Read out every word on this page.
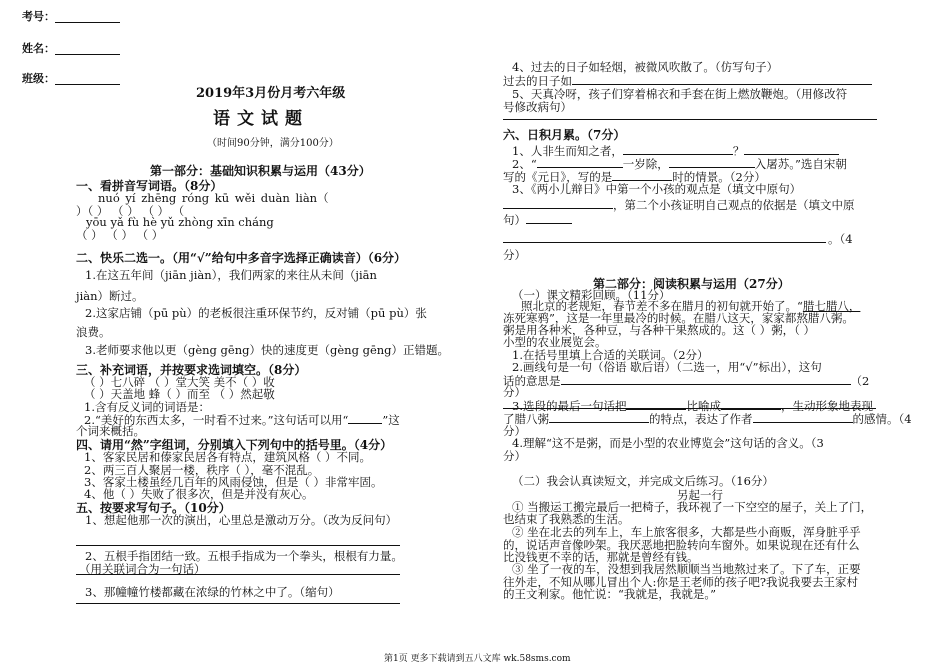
考号：
姓名：
班级：
2019年3月份月考六年级
语文试题
（时间90分钟，满分100分）
第一部分：基础知识积累与运用（43分）
一、看拼音写词语。（8分）
nuó yí zhēng róng kū wěi duàn liàn（
）（ ） （ ） （ ） （
yōu yǎ fù hè yǔ zhòng xīn cháng
（ ） （ ） （ ）
二、快乐二选一。（用“√”给句中多音字选择正确读音）（6分）
1.在这五年间（jiān jiàn），我们两家的来往从未间（jiān
jiàn）断过。
2.这家店铺（pū pù）的老板很注重环保节约，反对铺（pū pù）张
浪费。
3.老师要求他以更（gèng gēng）快的速度更（gèng gēng）正错题。
三、补充词语，并按要求选词填空。（8分）
（ ）七八碎 （ ）堂大笑 美不（ ）收
（ ）天盖地 蜂（ ）而至 （ ）然起敬
1.含有反义词的词语是：
2.“美好的东西太多，一时看不过来。”这句话可以用“	”这
个词来概括。
四、请用“然”字组词，分别填入下列句中的括号里。（4分）
1、客家民居和傣家民居各有特点，建筑风格（ ）不同。
2、两三百人聚居一楼，秩序（ ），毫不混乱。
3、客家土楼虽经几百年的风雨侵蚀，但是（ ）非常牢固。
4、他（ ）失败了很多次，但是并没有灰心。
五、按要求写句子。（10分）
1、想起他那一次的演出，心里总是激动万分。（改为反问句）
2、五根手指团结一致。五根手指成为一个拳头，根根有力量。
（用关联词合为一句话）
3、那幢幢竹楼都藏在浓绿的竹林之中了。（缩句）
4、过去的日子如轻烟，被微风吹散了。（仿写句子）
过去的日子如
5、天真冷呀，孩子们穿着棉衣和手套在街上燃放鞭炮。（用修改符
号修改病句）
六、日积月累。（7分）
1、人非生而知之者，	？
2、“	一岁除，	入屠苏。”选自宋朝
写的《元日》，写的是	时的情景。（2分）
3、《两小儿辩日》中第一个小孩的观点是（填文中原句）
，第二个小孩证明自己观点的依据是（填文中原
句）
。（4
分）
第二部分：阅读积累与运用（27分）
（一）课文精彩回顾。（11分）
照北京的老规矩，春节差不多在腊月的初旬就开始了。“腊七腊八，
冻死寒鸦”，这是一年里最冷的时候。在腊八这天，家家都熬腊八粥。
粥是用各种米，各种豆，与各种干果熬成的。这（ ）粥，（ ）
小型的农业展览会。
1.在括号里填上合适的关联词。（2分）
2.画线句是一句（俗语 歇后语）（二选一，用“√”标出），这句
话的意思是	（2
分）
3.选段的最后一句话把	比喻成	，生动形象地表现
了腊八粥	的特点，表达了作者	的感情。（4
分）
4.理解“这不是粥，而是小型的农业博览会”这句话的含义。（3
分）
（二）我会认真读短文，并完成文后练习。（16分）
另起一行
① 当搬运工搬完最后一把椅子，我环视了一下空空的屋子，关上了门，
也结束了我熟悉的生活。
② 坐在北去的列车上，车上旅客很多，大都是些小商贩，浑身脏乎乎
的，说话声音像吵架。我厌恶地把脸转向车窗外。如果说现在还有什么
比没钱更不幸的话，那就是曾经有钱。
③ 坐了一夜的车，没想到我居然顺顺当当地熬过来了。下了车，正要
往外走，不知从哪儿冒出个人:你是王老师的孩子吧?我说我要去王家村
的王文利家。他忙说：“我就是，我就是。”
第1页 更多下载请到五八文库 wk.58sms.com
